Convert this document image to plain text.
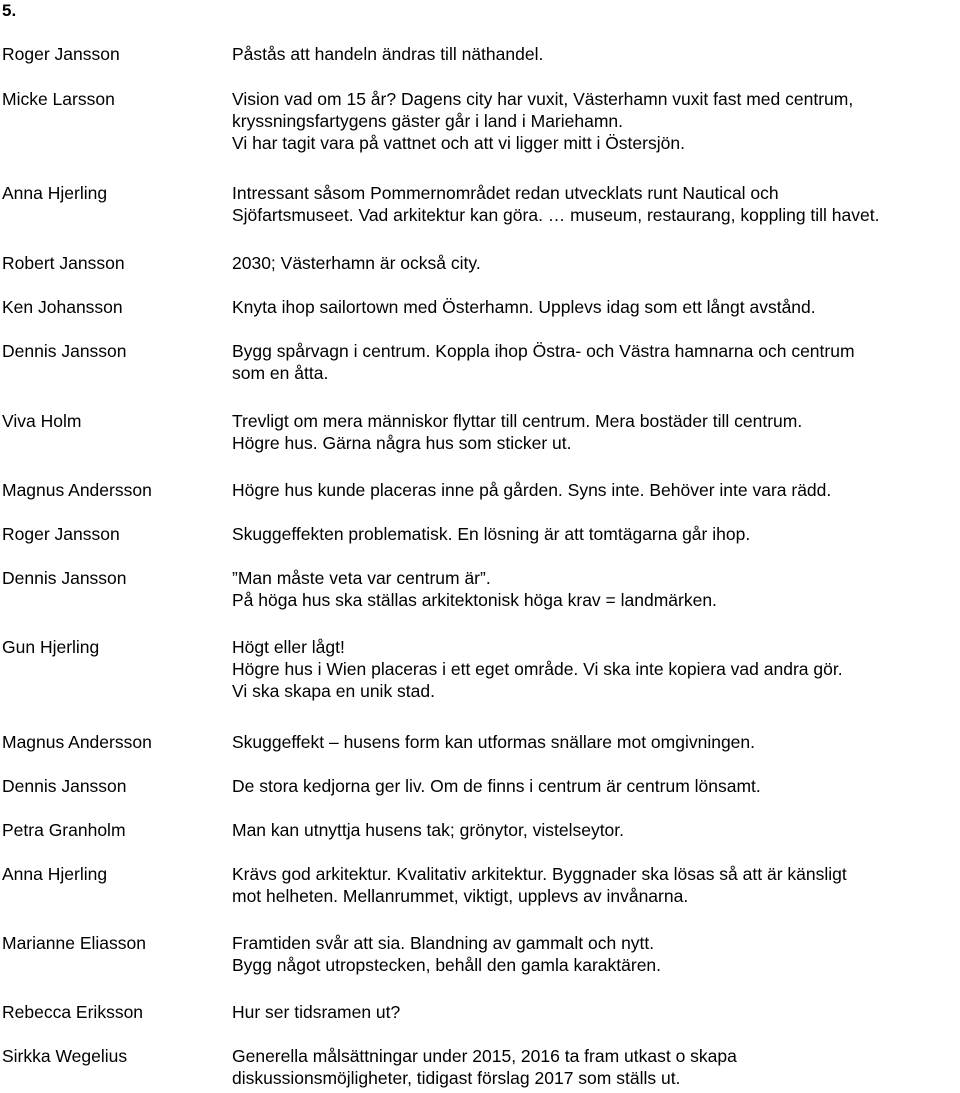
5.
Roger Jansson	Påstås att handeln ändras till näthandel.
Micke Larsson	Vision vad om 15 år? Dagens city har vuxit, Västerhamn vuxit fast med centrum,
kryssningsfartygens gäster går i land i Mariehamn.
Vi har tagit vara på vattnet och att vi ligger mitt i Östersjön.
Anna Hjerling	Intressant såsom Pommernområdet redan utvecklats runt Nautical och
Sjöfartsmuseet. Vad arkitektur kan göra. … museum, restaurang, koppling till havet.
Robert Jansson	2030; Västerhamn är också city.
Ken Johansson	Knyta ihop sailortown med Österhamn. Upplevs idag som ett långt avstånd.
Dennis Jansson	Bygg spårvagn i centrum. Koppla ihop Östra- och Västra hamnarna och centrum
som en åtta.
Viva Holm	Trevligt om mera människor flyttar till centrum. Mera bostäder till centrum.
Högre hus. Gärna några hus som sticker ut.
Magnus Andersson	Högre hus kunde placeras inne på gården. Syns inte. Behöver inte vara rädd.
Roger Jansson	Skuggeffekten problematisk. En lösning är att tomtägarna går ihop.
Dennis Jansson	”Man måste veta var centrum är”.
På höga hus ska ställas arkitektonisk höga krav = landmärken.
Gun Hjerling	Högt eller lågt!
Högre hus i Wien placeras i ett eget område. Vi ska inte kopiera vad andra gör.
Vi ska skapa en unik stad.
Magnus Andersson	Skuggeffekt – husens form kan utformas snällare mot omgivningen.
Dennis Jansson	De stora kedjorna ger liv. Om de finns i centrum är centrum lönsamt.
Petra Granholm	Man kan utnyttja husens tak; grönytor, vistelseytor.
Anna Hjerling	Krävs god arkitektur. Kvalitativ arkitektur. Byggnader ska lösas så att är känsligt
mot helheten. Mellanrummet, viktigt, upplevs av invånarna.
Marianne Eliasson	Framtiden svår att sia. Blandning av gammalt och nytt.
Bygg något utropstecken, behåll den gamla karaktären.
Rebecca Eriksson	Hur ser tidsramen ut?
Sirkka Wegelius	Generella målsättningar under 2015, 2016 ta fram utkast o skapa
diskussionsmöjligheter, tidigast förslag 2017 som ställs ut.
